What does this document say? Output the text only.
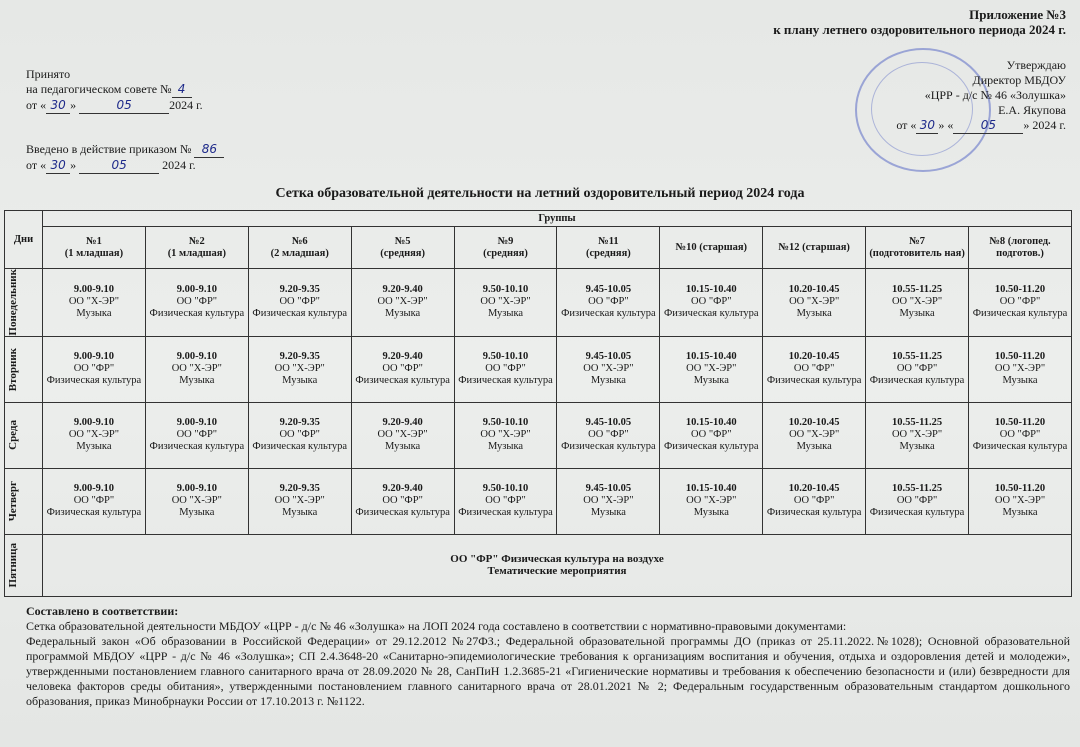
Приложение №3
к плану летнего оздоровительного периода 2024 г.
Принято
на педагогическом совете № 4
от « 30 »	05	2024 г.
Утверждаю
Директор МБДОУ
«ЦРР - д/с № 46 «Золушка»
Е.А. Якупова
от « 30 » « 05 » 2024 г.
Введено в действие приказом № 86
от « 30 »	05	2024 г.
Сетка образовательной деятельности на летний оздоровительный период 2024 года
Дни	Группы									

	№1
(1 младшая)	№2
(1 младшая)	№6
(2 младшая)	№5
(средняя)	№9
(средняя)	№11
(средняя)	№10 (старшая)	№12 (старшая)	№7
(подготовитель ная)	№8 (логопед.
подготов.)

Понедельник	9.00-9.10
ОО "Х-ЭР"
Музыка	9.00-9.10
ОО "ФР"
Физическая культура	9.20-9.35
ОО "ФР"
Физическая культура	9.20-9.40
ОО "Х-ЭР"
Музыка	9.50-10.10
ОО "Х-ЭР"
Музыка	9.45-10.05
ОО "ФР"
Физическая культура	10.15-10.40
ОО "ФР"
Физическая культура	10.20-10.45
ОО "Х-ЭР"
Музыка	10.55-11.25
ОО "Х-ЭР"
Музыка	10.50-11.20
ОО "ФР"
Физическая культура

Вторник	9.00-9.10
ОО "ФР"
Физическая культура	9.00-9.10
ОО "Х-ЭР"
Музыка	9.20-9.35
ОО "Х-ЭР"
Музыка	9.20-9.40
ОО "ФР"
Физическая культура	9.50-10.10
ОО "ФР"
Физическая культура	9.45-10.05
ОО "Х-ЭР"
Музыка	10.15-10.40
ОО "Х-ЭР"
Музыка	10.20-10.45
ОО "ФР"
Физическая культура	10.55-11.25
ОО "ФР"
Физическая культура	10.50-11.20
ОО "Х-ЭР"
Музыка

Среда	9.00-9.10
ОО "Х-ЭР"
Музыка	9.00-9.10
ОО "ФР"
Физическая культура	9.20-9.35
ОО "ФР"
Физическая культура	9.20-9.40
ОО "Х-ЭР"
Музыка	9.50-10.10
ОО "Х-ЭР"
Музыка	9.45-10.05
ОО "ФР"
Физическая культура	10.15-10.40
ОО "ФР"
Физическая культура	10.20-10.45
ОО "Х-ЭР"
Музыка	10.55-11.25
ОО "Х-ЭР"
Музыка	10.50-11.20
ОО "ФР"
Физическая культура

Четверг	9.00-9.10
ОО "ФР"
Физическая культура	9.00-9.10
ОО "Х-ЭР"
Музыка	9.20-9.35
ОО "Х-ЭР"
Музыка	9.20-9.40
ОО "ФР"
Физическая культура	9.50-10.10
ОО "ФР"
Физическая культура	9.45-10.05
ОО "Х-ЭР"
Музыка	10.15-10.40
ОО "Х-ЭР"
Музыка	10.20-10.45
ОО "ФР"
Физическая культура	10.55-11.25
ОО "ФР"
Физическая культура	10.50-11.20
ОО "Х-ЭР"
Музыка

Пятница	ОО "ФР" Физическая культура на воздухе
Тематические мероприятия									
Составлено в соответствии:
Сетка образовательной деятельности МБДОУ «ЦРР - д/с № 46 «Золушка» на ЛОП 2024 года составлено в соответствии с нормативно-правовыми документами:
Федеральный закон «Об образовании в Российской Федерации» от 29.12.2012 №27ФЗ.; Федеральной образовательной программы ДО (приказ от 25.11.2022.№1028); Основной образовательной программой МБДОУ «ЦРР - д/с № 46 «Золушка»; СП 2.4.3648-20 «Санитарно-эпидемиологические требования к организациям воспитания и обучения, отдыха и оздоровления детей и молодежи», утвержденными постановлением главного санитарного врача от 28.09.2020 № 28, СанПиН 1.2.3685-21 «Гигиенические нормативы и требования к обеспечению безопасности и (или) безвредности для человека факторов среды обитания», утвержденными постановлением главного санитарного врача от 28.01.2021 № 2; Федеральным государственным образовательным стандартом дошкольного образования, приказ Минобрнауки России от 17.10.2013 г. №1122.
